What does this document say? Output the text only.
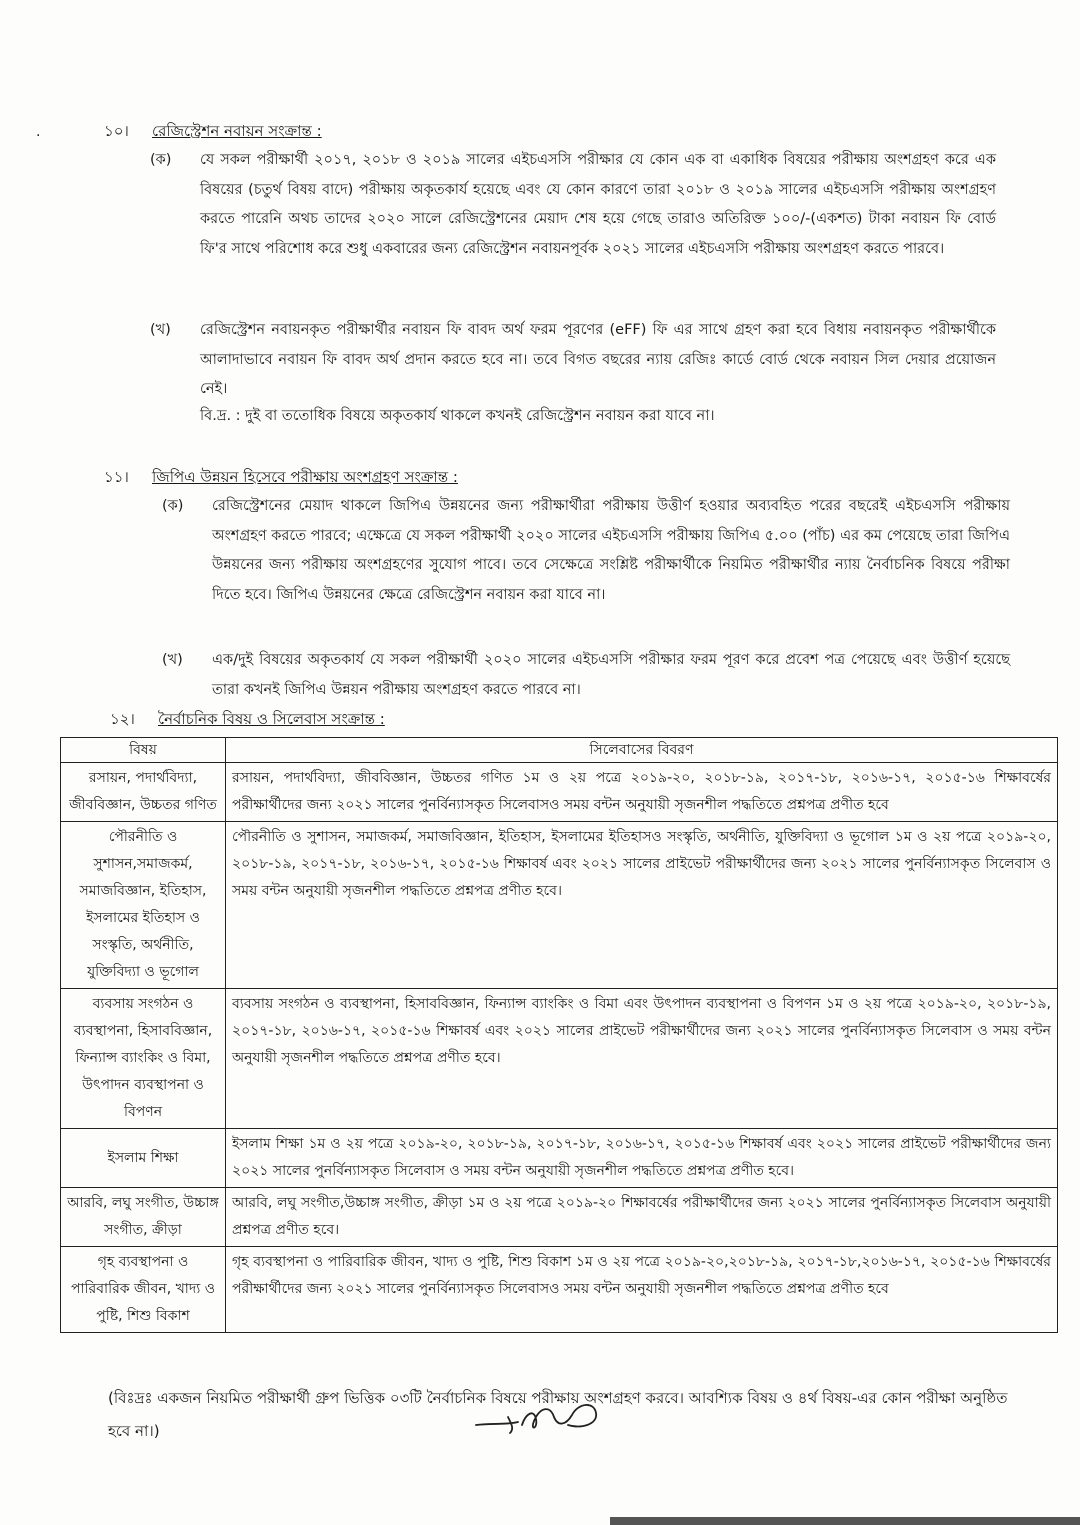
·	১০। রেজিস্ট্রেশন নবায়ন সংক্রান্ত :
(ক) যে সকল পরীক্ষার্থী ২০১৭, ২০১৮ ও ২০১৯ সালের এইচএসসি পরীক্ষার যে কোন এক বা একাধিক বিষয়ের পরীক্ষায় অংশগ্রহণ করে এক বিষয়ের (চতুর্থ বিষয় বাদে) পরীক্ষায় অকৃতকার্য হয়েছে এবং যে কোন কারণে তারা ২০১৮ ও ২০১৯ সালের এইচএসসি পরীক্ষায় অংশগ্রহণ করতে পারেনি অথচ তাদের ২০২০ সালে রেজিস্ট্রেশনের মেয়াদ শেষ হয়ে গেছে তারাও অতিরিক্ত ১০০/-(একশত) টাকা নবায়ন ফি বোর্ড ফি'র সাথে পরিশোধ করে শুধু একবারের জন্য রেজিস্ট্রেশন নবায়নপূর্বক ২০২১ সালের এইচএসসি পরীক্ষায় অংশগ্রহণ করতে পারবে।
(খ) রেজিস্ট্রেশন নবায়নকৃত পরীক্ষার্থীর নবায়ন ফি বাবদ অর্থ ফরম পূরণের (eFF) ফি এর সাথে গ্রহণ করা হবে বিধায় নবায়নকৃত পরীক্ষার্থীকে আলাদাভাবে নবায়ন ফি বাবদ অর্থ প্রদান করতে হবে না। তবে বিগত বছরের ন্যায় রেজিঃ কার্ডে বোর্ড থেকে নবায়ন সিল দেয়ার প্রয়োজন নেই।
বি.দ্র. : দুই বা ততোধিক বিষয়ে অকৃতকার্য থাকলে কখনই রেজিস্ট্রেশন নবায়ন করা যাবে না।
১১। জিপিএ উন্নয়ন হিসেবে পরীক্ষায় অংশগ্রহণ সংক্রান্ত :
(ক) রেজিস্ট্রেশনের মেয়াদ থাকলে জিপিএ উন্নয়নের জন্য পরীক্ষার্থীরা পরীক্ষায় উত্তীর্ণ হওয়ার অব্যবহিত পরের বছরেই এইচএসসি পরীক্ষায় অংশগ্রহণ করতে পারবে; এক্ষেত্রে যে সকল পরীক্ষার্থী ২০২০ সালের এইচএসসি পরীক্ষায় জিপিএ ৫.০০ (পাঁচ) এর কম পেয়েছে তারা জিপিএ উন্নয়নের জন্য পরীক্ষায় অংশগ্রহণের সুযোগ পাবে। তবে সেক্ষেত্রে সংশ্লিষ্ট পরীক্ষার্থীকে নিয়মিত পরীক্ষার্থীর ন্যায় নৈর্বাচনিক বিষয়ে পরীক্ষা দিতে হবে। জিপিএ উন্নয়নের ক্ষেত্রে রেজিস্ট্রেশন নবায়ন করা যাবে না।
(খ) এক/দুই বিষয়ের অকৃতকার্য যে সকল পরীক্ষার্থী ২০২০ সালের এইচএসসি পরীক্ষার ফরম পূরণ করে প্রবেশ পত্র পেয়েছে এবং উত্তীর্ণ হয়েছে তারা কখনই জিপিএ উন্নয়ন পরীক্ষায় অংশগ্রহণ করতে পারবে না।
১২। নৈর্বাচনিক বিষয় ও সিলেবাস সংক্রান্ত :
বিষয়	সিলেবাসের বিবরণ
রসায়ন, পদার্থবিদ্যা, জীববিজ্ঞান, উচ্চতর গণিত	রসায়ন, পদার্থবিদ্যা, জীববিজ্ঞান, উচ্চতর গণিত ১ম ও ২য় পত্রে ২০১৯-২০, ২০১৮-১৯, ২০১৭-১৮, ২০১৬-১৭, ২০১৫-১৬ শিক্ষাবর্ষের পরীক্ষার্থীদের জন্য ২০২১ সালের পুনর্বিন্যাসকৃত সিলেবাসও সময় বন্টন অনুযায়ী সৃজনশীল পদ্ধতিতে প্রশ্নপত্র প্রণীত হবে
পৌরনীতি ও সুশাসন,সমাজকর্ম, সমাজবিজ্ঞান, ইতিহাস, ইসলামের ইতিহাস ও সংস্কৃতি, অর্থনীতি, যুক্তিবিদ্যা ও ভূগোল	পৌরনীতি ও সুশাসন, সমাজকর্ম, সমাজবিজ্ঞান, ইতিহাস, ইসলামের ইতিহাসও সংস্কৃতি, অর্থনীতি, যুক্তিবিদ্যা ও ভূগোল ১ম ও ২য় পত্রে ২০১৯-২০, ২০১৮-১৯, ২০১৭-১৮, ২০১৬-১৭, ২০১৫-১৬ শিক্ষাবর্ষ এবং ২০২১ সালের প্রাইভেট পরীক্ষার্থীদের জন্য ২০২১ সালের পুনর্বিন্যাসকৃত সিলেবাস ও সময় বন্টন অনুযায়ী সৃজনশীল পদ্ধতিতে প্রশ্নপত্র প্রণীত হবে।
ব্যবসায় সংগঠন ও ব্যবস্থাপনা, হিসাববিজ্ঞান, ফিন্যান্স ব্যাংকিং ও বিমা, উৎপাদন ব্যবস্থাপনা ও বিপণন	ব্যবসায় সংগঠন ও ব্যবস্থাপনা, হিসাববিজ্ঞান, ফিন্যান্স ব্যাংকিং ও বিমা এবং উৎপাদন ব্যবস্থাপনা ও বিপণন ১ম ও ২য় পত্রে ২০১৯-২০, ২০১৮-১৯, ২০১৭-১৮, ২০১৬-১৭, ২০১৫-১৬ শিক্ষাবর্ষ এবং ২০২১ সালের প্রাইভেট পরীক্ষার্থীদের জন্য ২০২১ সালের পুনর্বিন্যাসকৃত সিলেবাস ও সময় বন্টন অনুযায়ী সৃজনশীল পদ্ধতিতে প্রশ্নপত্র প্রণীত হবে।
ইসলাম শিক্ষা	ইসলাম শিক্ষা ১ম ও ২য় পত্রে ২০১৯-২০, ২০১৮-১৯, ২০১৭-১৮, ২০১৬-১৭, ২০১৫-১৬ শিক্ষাবর্ষ এবং ২০২১ সালের প্রাইভেট পরীক্ষার্থীদের জন্য ২০২১ সালের পুনর্বিন্যাসকৃত সিলেবাস ও সময় বন্টন অনুযায়ী সৃজনশীল পদ্ধতিতে প্রশ্নপত্র প্রণীত হবে।
আরবি, লঘু সংগীত, উচ্চাঙ্গ সংগীত, ক্রীড়া	আরবি, লঘু সংগীত,উচ্চাঙ্গ সংগীত, ক্রীড়া ১ম ও ২য় পত্রে ২০১৯-২০ শিক্ষাবর্ষের পরীক্ষার্থীদের জন্য ২০২১ সালের পুনর্বিন্যাসকৃত সিলেবাস অনুযায়ী প্রশ্নপত্র প্রণীত হবে।
গৃহ ব্যবস্থাপনা ও পারিবারিক জীবন, খাদ্য ও পুষ্টি, শিশু বিকাশ	গৃহ ব্যবস্থাপনা ও পারিবারিক জীবন, খাদ্য ও পুষ্টি, শিশু বিকাশ ১ম ও ২য় পত্রে ২০১৯-২০,২০১৮-১৯, ২০১৭-১৮,২০১৬-১৭, ২০১৫-১৬ শিক্ষাবর্ষের পরীক্ষার্থীদের জন্য ২০২১ সালের পুনর্বিন্যাসকৃত সিলেবাসও সময় বন্টন অনুযায়ী সৃজনশীল পদ্ধতিতে প্রশ্নপত্র প্রণীত হবে
(বিঃদ্রঃ একজন নিয়মিত পরীক্ষার্থী গ্রুপ ভিত্তিক ০৩টি নৈর্বাচনিক বিষয়ে পরীক্ষায় অংশগ্রহণ করবে। আবশ্যিক বিষয় ও ৪র্থ বিষয়-এর কোন পরীক্ষা অনুষ্ঠিত হবে না।)
